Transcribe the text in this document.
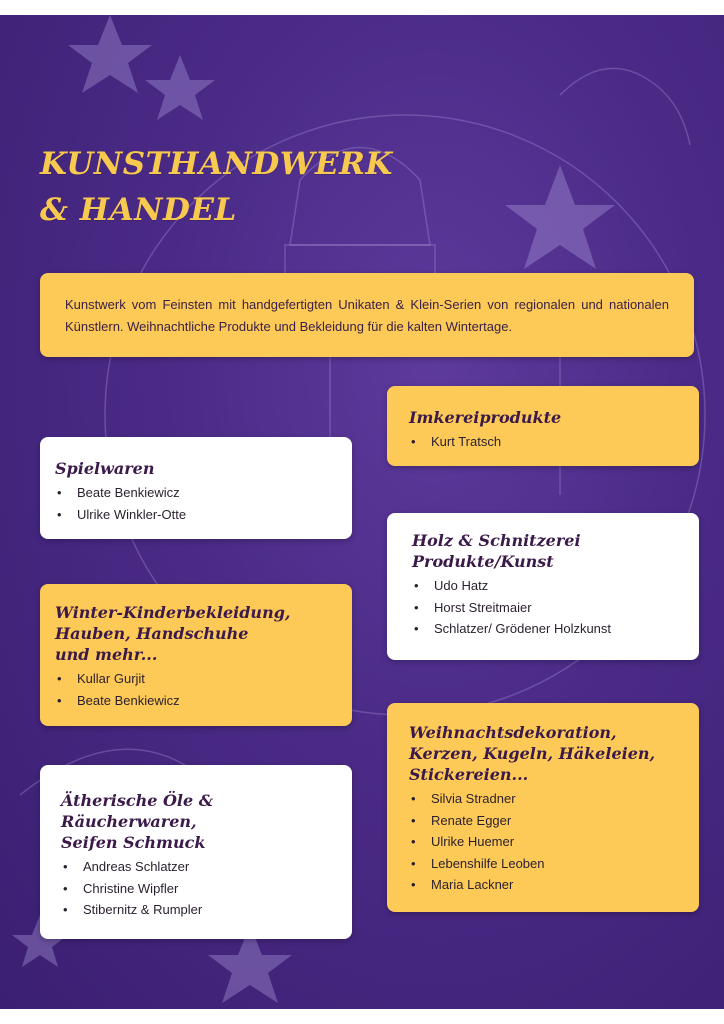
KUNSTHANDWERK
& HANDEL
Kunstwerk vom Feinsten mit handgefertigten Unikaten & Klein-Serien von regionalen und nationalen Künstlern. Weihnachtliche Produkte und Bekleidung für die kalten Wintertage.
Imkereiprodukte
• Kurt Tratsch
Spielwaren
• Beate Benkiewicz
• Ulrike Winkler-Otte
Holz & Schnitzerei
Produkte/Kunst
• Udo Hatz
• Horst Streitmaier
• Schlatzer/ Grödener Holzkunst
Winter-Kinderbekleidung,
Hauben, Handschuhe
und mehr...
• Kullar Gurjit
• Beate Benkiewicz
Weihnachtsdekoration,
Kerzen, Kugeln, Häkeleien,
Stickereien...
• Silvia Stradner
• Renate Egger
• Ulrike Huemer
• Lebenshilfe Leoben
• Maria Lackner
Ätherische Öle &
Räucherwaren,
Seifen Schmuck
• Andreas Schlatzer
• Christine Wipfler
• Stibernitz & Rumpler
